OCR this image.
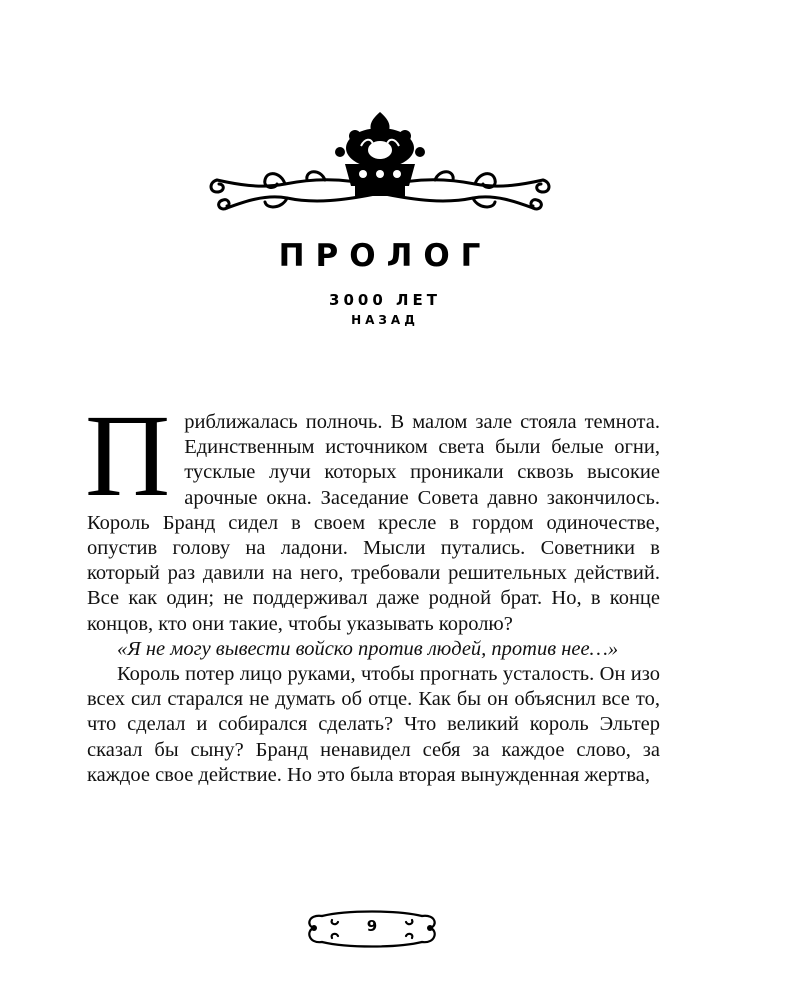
ПРОЛОГ
3000 ЛЕТ
НАЗАД

Приближалась полночь. В малом зале стояла темнота. Единственным источником света были белые огни, тусклые лучи которых проникали сквозь высокие арочные окна. Заседание Совета давно закончилось. Король Бранд сидел в своем кресле в гордом одиночестве, опустив голову на ладони. Мысли путались. Советники в который раз давили на него, требовали решительных действий. Все как один; не поддерживал даже родной брат. Но, в конце концов, кто они такие, чтобы указывать королю?

«Я не могу вывести войско против людей, против нее…»

Король потер лицо руками, чтобы прогнать усталость. Он изо всех сил старался не думать об отце. Как бы он объяснил все то, что сделал и собирался сделать? Что великий король Эльтер сказал бы сыну? Бранд ненавидел себя за каждое слово, за каждое свое действие. Но это была вторая вынужденная жертва,

9
